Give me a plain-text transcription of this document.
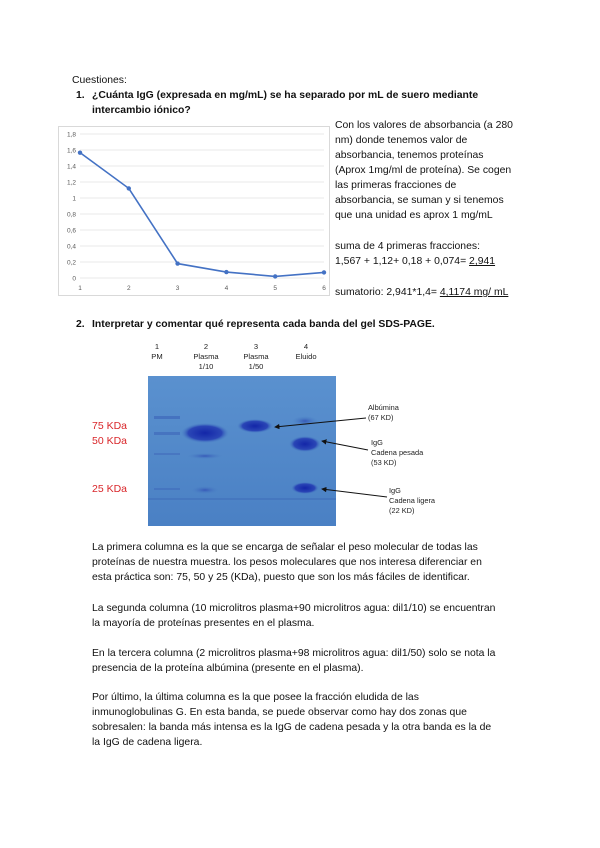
Cuestiones:
1. ¿Cuánta IgG (expresada en mg/mL) se ha separado por mL de suero mediante
intercambio iónico?
0
0,2
0,4
0,6
0,8
1
1,2
1,4
1,6
1,8
1	2	3	4	5	6
Con los valores de absorbancia (a 280
nm) donde tenemos valor de
absorbancia, tenemos proteínas
(Aprox 1mg/ml de proteína). Se cogen
las primeras fracciones de
absorbancia, se suman y si tenemos
que una unidad es aprox 1 mg/mL
suma de 4 primeras fracciones:
1,567 + 1,12+ 0,18 + 0,074= 2,941
sumatorio: 2,941*1,4= 4,1174 mg/ mL
2. Interpretar y comentar qué representa cada banda del gel SDS-PAGE.
1
PM
2
Plasma
1/10
3
Plasma
1/50
4
Eluido
75 KDa
50 KDa
25 KDa
Albúmina
(67 KD)
IgG
Cadena pesada
(53 KD)
IgG
Cadena ligera
(22 KD)
La primera columna es la que se encarga de señalar el peso molecular de todas las
proteínas de nuestra muestra. los pesos moleculares que nos interesa diferenciar en
esta práctica son: 75, 50 y 25 (KDa), puesto que son los más fáciles de identificar.
La segunda columna (10 microlitros plasma+90 microlitros agua: dil1/10) se encuentran
la mayoría de proteínas presentes en el plasma.
En la tercera columna (2 microlitros plasma+98 microlitros agua: dil1/50) solo se nota la
presencia de la proteína albúmina (presente en el plasma).
Por último, la última columna es la que posee la fracción eludida de las
inmunoglobulinas G. En esta banda, se puede observar como hay dos zonas que
sobresalen: la banda más intensa es la IgG de cadena pesada y la otra banda es la de
la IgG de cadena ligera.
